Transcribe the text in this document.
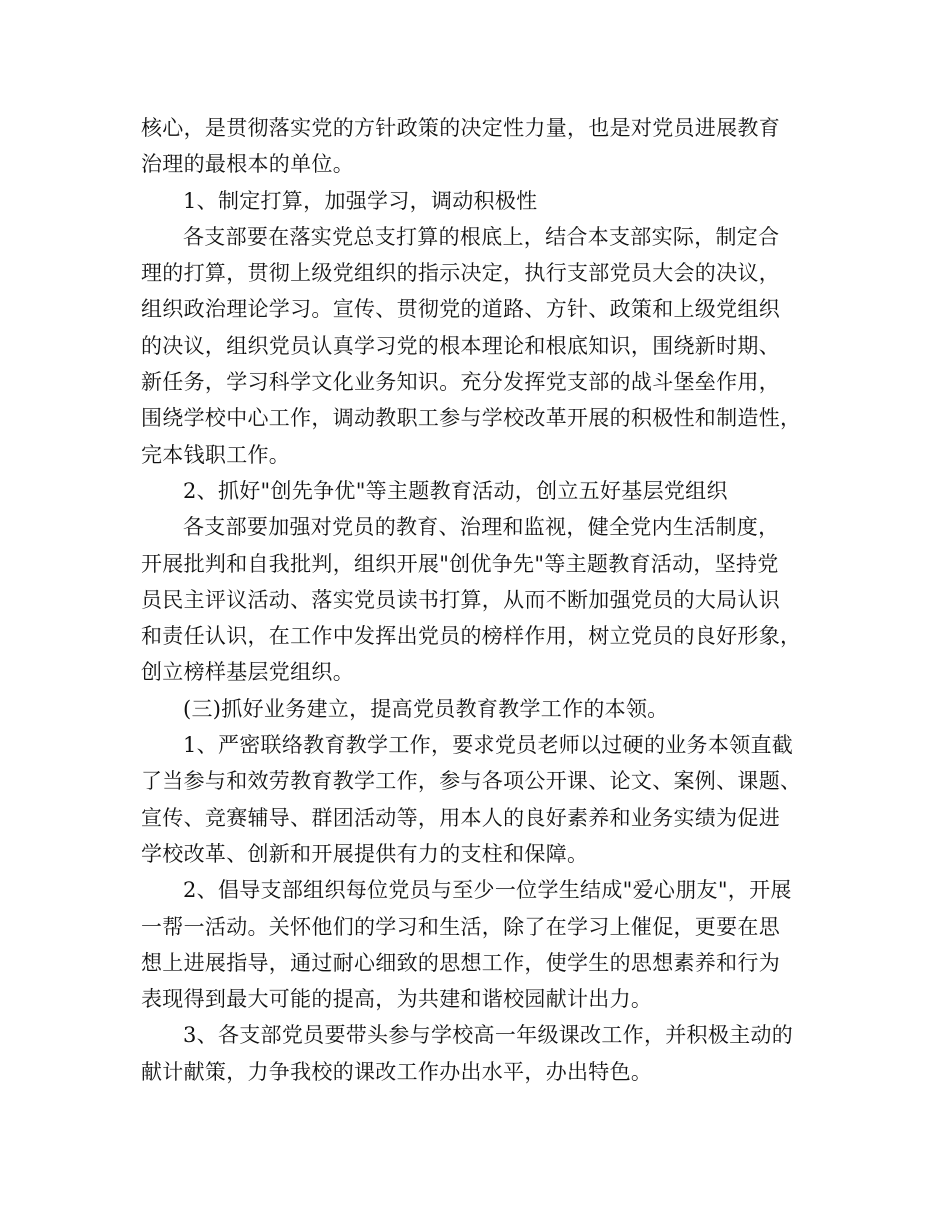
核心，是贯彻落实党的方针政策的决定性力量，也是对党员进展教育

治理的最根本的单位。

1、制定打算，加强学习，调动积极性

各支部要在落实党总支打算的根底上，结合本支部实际，制定合

理的打算，贯彻上级党组织的指示决定，执行支部党员大会的决议，

组织政治理论学习。宣传、贯彻党的道路、方针、政策和上级党组织

的决议，组织党员认真学习党的根本理论和根底知识，围绕新时期、

新任务，学习科学文化业务知识。充分发挥党支部的战斗堡垒作用，

围绕学校中心工作，调动教职工参与学校改革开展的积极性和制造性，

完本钱职工作。

2、抓好"创先争优"等主题教育活动，创立五好基层党组织

各支部要加强对党员的教育、治理和监视，健全党内生活制度，

开展批判和自我批判，组织开展"创优争先"等主题教育活动，坚持党

员民主评议活动、落实党员读书打算，从而不断加强党员的大局认识

和责任认识，在工作中发挥出党员的榜样作用，树立党员的良好形象，

创立榜样基层党组织。

(三)抓好业务建立，提高党员教育教学工作的本领。

1、严密联络教育教学工作，要求党员老师以过硬的业务本领直截

了当参与和效劳教育教学工作，参与各项公开课、论文、案例、课题、

宣传、竞赛辅导、群团活动等，用本人的良好素养和业务实绩为促进

学校改革、创新和开展提供有力的支柱和保障。

2、倡导支部组织每位党员与至少一位学生结成"爱心朋友"，开展

一帮一活动。关怀他们的学习和生活，除了在学习上催促，更要在思

想上进展指导，通过耐心细致的思想工作，使学生的思想素养和行为

表现得到最大可能的提高，为共建和谐校园献计出力。

3、各支部党员要带头参与学校高一年级课改工作，并积极主动的

献计献策，力争我校的课改工作办出水平，办出特色。
